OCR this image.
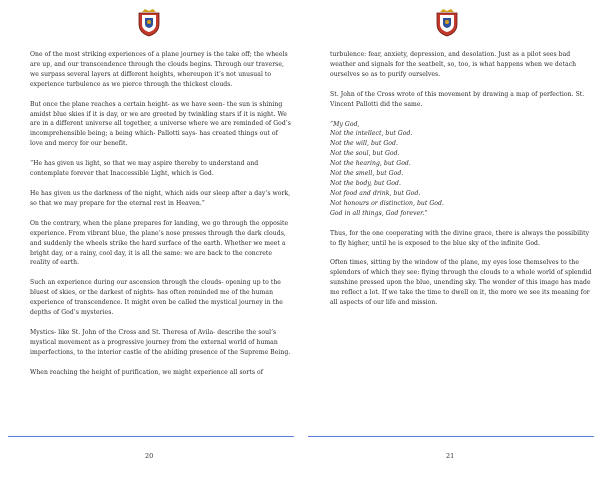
One of the most striking experiences of a plane journey is the take off; the wheels are up, and our transcendence through the clouds begins. Through our traverse, we surpass several layers at different heights, whereupon it’s not unusual to experience turbulence as we pierce through the thickest clouds.

But once the plane reaches a certain height- as we have seen- the sun is shining amidst blue skies if it is day, or we are greeted by twinkling stars if it is night. We are in a different universe all together, a universe where we are reminded of God’s incomprehensible being; a being which- Pallotti says- has created things out of love and mercy for our benefit.

“He has given us light, so that we may aspire thereby to understand and contemplate forever that Inaccessible Light, which is God.

He has given us the darkness of the night, which aids our sleep after a day’s work, so that we may prepare for the eternal rest in Heaven.”

On the contrary, when the plane prepares for landing, we go through the opposite experience. From vibrant blue, the plane’s nose presses through the dark clouds, and suddenly the wheels strike the hard surface of the earth. Whether we meet a bright day, or a rainy, cool day, it is all the same: we are back to the concrete reality of earth.

Such an experience during our ascension through the clouds- opening up to the bluest of skies, or the darkest of nights- has often reminded me of the human experience of transcendence. It might even be called the mystical journey in the depths of God’s mysteries.

Mystics- like St. John of the Cross and St. Theresa of Avila- describe the soul’s mystical movement as a progressive journey from the external world of human imperfections, to the interior castle of the abiding presence of the Supreme Being.

When reaching the height of purification, we might experience all sorts of

20

turbulence: fear, anxiety, depression, and desolation. Just as a pilot sees bad weather and signals for the seatbelt, so, too, is what happens when we detach ourselves so as to purify ourselves.

St. John of the Cross wrote of this movement by drawing a map of perfection. St. Vincent Pallotti did the same.

“My God,
Not the intellect, but God.
Not the will, but God.
Not the soul, but God.
Not the hearing, but God.
Not the smell, but God.
Not the body, but God.
Not food and drink, but God.
Not honours or distinction, but God.
God in all things, God forever.”

Thus, for the one cooperating with the divine grace, there is always the possibility to fly higher, until he is exposed to the blue sky of the infinite God.

Often times, sitting by the window of the plane, my eyes lose themselves to the splendors of which they see: flying through the clouds to a whole world of splendid sunshine pressed upon the blue, unending sky. The wonder of this image has made me reflect a lot. If we take the time to dwell on it, the more we see its meaning for all aspects of our life and mission.

21
